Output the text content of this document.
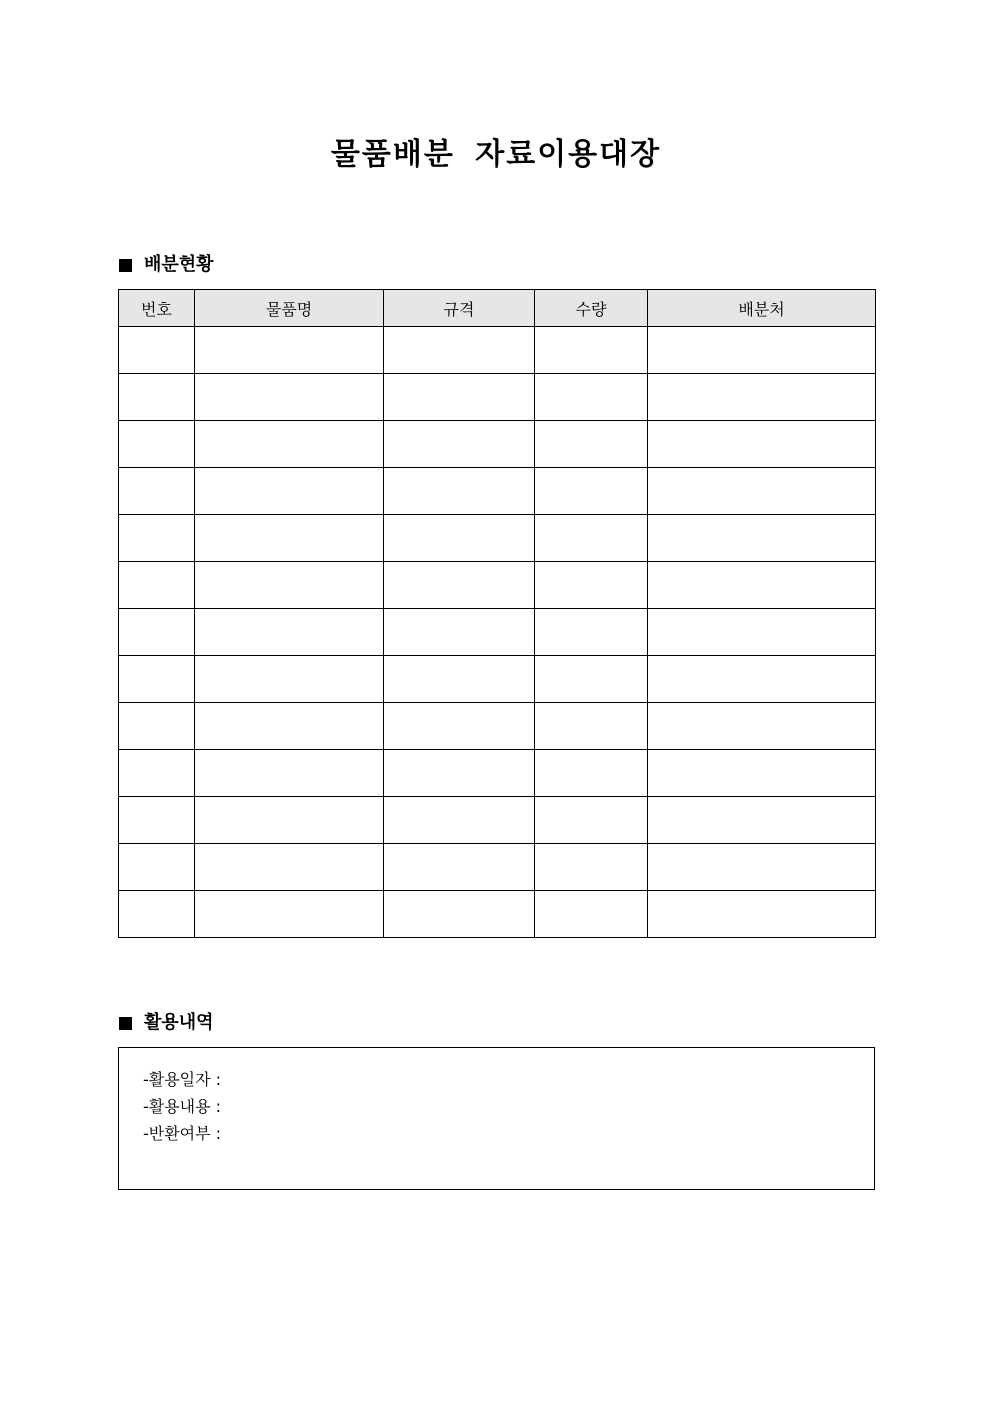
물품배분 자료이용대장
배분현황
번호	물품명	규격	수량	배분처

활용내역
-활용일자 :
-활용내용 :
-반환여부 :
